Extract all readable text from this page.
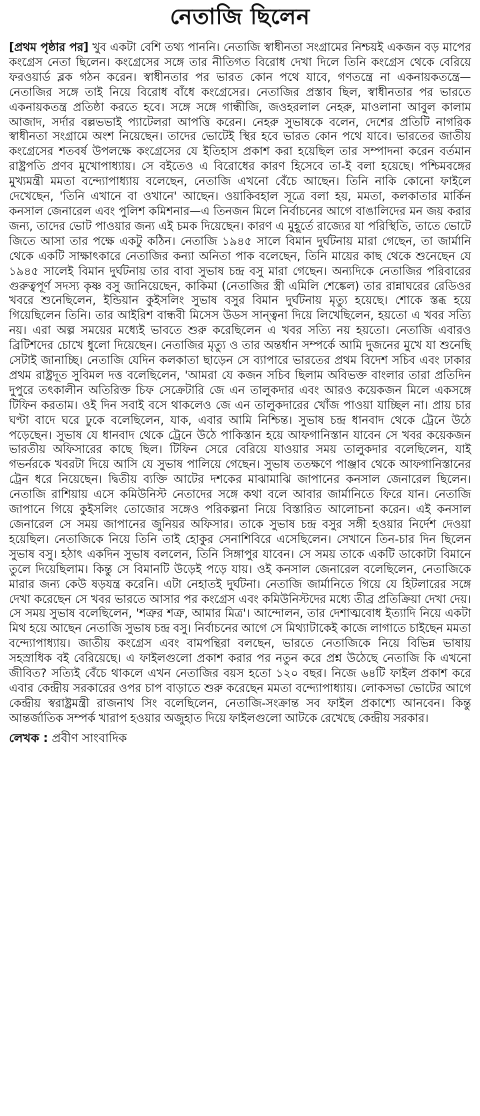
নেতাজি ছিলেন

[প্রথম পৃষ্ঠার পর] খুব একটা বেশি তথ্য পাননি। নেতাজি স্বাধীনতা সংগ্রামের নিশ্চয়ই একজন বড় মাপের কংগ্রেস নেতা ছিলেন। কংগ্রেসের সঙ্গে তার নীতিগত বিরোধ দেখা দিলে তিনি কংগ্রেস থেকে বেরিয়ে ফরওয়ার্ড ব্লক গঠন করেন। স্বাধীনতার পর ভারত কোন পথে যাবে, গণতন্ত্রে না একনায়কতন্ত্রে— নেতাজির সঙ্গে তাই নিয়ে বিরোধ বাঁধে কংগ্রেসের। নেতাজির প্রস্তাব ছিল, স্বাধীনতার পর ভারতে একনায়কতন্ত্র প্রতিষ্ঠা করতে হবে। সঙ্গে সঙ্গে গান্ধীজি, জওহরলাল নেহরু, মাওলানা আবুল কালাম আজাদ, সর্দার বল্লভভাই প্যাটেলরা আপত্তি করেন। নেহরু সুভাষকে বলেন, দেশের প্রতিটি নাগরিক স্বাধীনতা সংগ্রামে অংশ নিয়েছেন। তাদের ভোটেই স্থির হবে ভারত কোন পথে যাবে। ভারতের জাতীয় কংগ্রেসের শতবর্ষ উপলক্ষে কংগ্রেসের যে ইতিহাস প্রকাশ করা হয়েছিল তার সম্পাদনা করেন বর্তমান রাষ্ট্রপতি প্রণব মুখোপাধ্যায়। সে বইতেও এ বিরোধের কারণ হিসেবে তা-ই বলা হয়েছে। পশ্চিমবঙ্গের মুখ্যমন্ত্রী মমতা বন্দ্যোপাধ্যায় বলেছেন, নেতাজি এখনো বেঁচে আছেন। তিনি নাকি কোনো ফাইলে দেখেছেন, 'তিনি এখানে বা ওখানে' আছেন। ওয়াকিবহাল সূত্রে বলা হয়, মমতা, কলকাতার মার্কিন কনসাল জেনারেল এবং পুলিশ কমিশনার—এ তিনজন মিলে নির্বাচনের আগে বাঙালিদের মন জয় করার জন্য, তাদের ভোট পাওয়ার জন্য এই চমক দিয়েছেন। কারণ এ মুহূর্তে রাজ্যের যা পরিস্থিতি, তাতে ভোটে জিতে আসা তার পক্ষে একটু কঠিন। নেতাজি ১৯৪৫ সালে বিমান দুর্ঘটনায় মারা গেছেন, তা জার্মানি থেকে একটি সাক্ষাৎকারে নেতাজির কন্যা অনিতা পাক বলেছেন, তিনি মায়ের কাছ থেকে শুনেছেন যে ১৯৪৫ সালেই বিমান দুর্ঘটনায় তার বাবা সুভাষ চন্দ্র বসু মারা গেছেন। অন্যদিকে নেতাজির পরিবারের গুরুত্বপূর্ণ সদস্য কৃষ্ণ বসু জানিয়েছেন, কাকিমা (নেতাজির স্ত্রী এমিলি শেঙ্কেল) তার রান্নাঘরের রেডিওর খবরে শুনেছিলেন, ইন্ডিয়ান কুইসলিং সুভাষ বসুর বিমান দুর্ঘটনায় মৃত্যু হয়েছে। শোকে স্তব্ধ হয়ে গিয়েছিলেন তিনি। তার আইরিশ বান্ধবী মিসেস উডস সান্ত্বনা দিয়ে লিখেছিলেন, হয়তো এ খবর সত্যি নয়। এরা অল্প সময়ের মধ্যেই ভাবতে শুরু করেছিলেন এ খবর সত্যি নয় হয়তো। নেতাজি এবারও ব্রিটিশদের চোখে ধুলো দিয়েছেন। নেতাজির মৃত্যু ও তার অন্তর্ধান সম্পর্কে আমি দুজনের মুখে যা শুনেছি সেটাই জানাচ্ছি। নেতাজি যেদিন কলকাতা ছাড়েন সে ব্যাপারে ভারতের প্রথম বিদেশ সচিব এবং ঢাকার প্রথম রাষ্ট্রদূত সুবিমল দত্ত বলেছিলেন, 'আমরা যে কজন সচিব ছিলাম অবিভক্ত বাংলার তারা প্রতিদিন দুপুরে তৎকালীন অতিরিক্ত চিফ সেক্রেটারি জে এন তালুকদার এবং আরও কয়েকজন মিলে একসঙ্গে টিফিন করতাম। ওই দিন সবাই বসে থাকলেও জে এন তালুকদারের খোঁজ পাওয়া যাচ্ছিল না। প্রায় চার ঘণ্টা বাদে ঘরে ঢুকে বলেছিলেন, যাক, এবার আমি নিশ্চিন্ত। সুভাষ চন্দ্র ধানবাদ থেকে ট্রেনে উঠে পড়েছেন। সুভাষ যে ধানবাদ থেকে ট্রেনে উঠে পাকিস্তান হয়ে আফগানিস্তান যাবেন সে খবর কয়েকজন ভারতীয় অফিসারের কাছে ছিল। টিফিন সেরে বেরিয়ে যাওয়ার সময় তালুকদার বলেছিলেন, যাই গভর্নরকে খবরটা দিয়ে আসি যে সুভাষ পালিয়ে গেছেন। সুভাষ ততক্ষণে পাঞ্জাব থেকে আফগানিস্তানের ট্রেন ধরে নিয়েছেন। দ্বিতীয় ব্যক্তি আটের দশকের মাঝামাঝি জাপানের কনসাল জেনারেল ছিলেন। নেতাজি রাশিয়ায় এসে কমিউনিস্ট নেতাদের সঙ্গে কথা বলে আবার জার্মানিতে ফিরে যান। নেতাজি জাপানে গিয়ে কুইসলিং তোজোর সঙ্গেও পরিকল্পনা নিয়ে বিস্তারিত আলোচনা করেন। এই কনসাল জেনারেল সে সময় জাপানের জুনিয়র অফিসার। তাকে সুভাষ চন্দ্র বসুর সঙ্গী হওয়ার নির্দেশ দেওয়া হয়েছিল। নেতাজিকে নিয়ে তিনি তাই হোকুর সেনাশিবিরে এসেছিলেন। সেখানে তিন-চার দিন ছিলেন সুভাষ বসু। হঠাৎ একদিন সুভাষ বললেন, তিনি সিঙ্গাপুর যাবেন। সে সময় তাকে একটি ডাকোটা বিমানে তুলে দিয়েছিলাম। কিন্তু সে বিমানটি উড়েই পড়ে যায়। ওই কনসাল জেনারেল বলেছিলেন, নেতাজিকে মারার জন্য কেউ ষড়যন্ত্র করেনি। এটা নেহাতই দুর্ঘটনা। নেতাজি জার্মানিতে গিয়ে যে হিটলারের সঙ্গে দেখা করেছেন সে খবর ভারতে আসার পর কংগ্রেস এবং কমিউনিস্টদের মধ্যে তীব্র প্রতিক্রিয়া দেখা দেয়। সে সময় সুভাষ বলেছিলেন, 'শত্রুর শত্রু, আমার মিত্র'। আন্দোলন, তার দেশাত্মবোধ ইত্যাদি নিয়ে একটা মিথ হয়ে আছেন নেতাজি সুভাষ চন্দ্র বসু। নির্বাচনের আগে সে মিথ্যাটাকেই কাজে লাগাতে চাইছেন মমতা বন্দ্যোপাধ্যায়। জাতীয় কংগ্রেস এবং বামপন্থিরা বলছেন, ভারতে নেতাজিকে নিয়ে বিভিন্ন ভাষায় সহস্রাধিক বই বেরিয়েছে। এ ফাইলগুলো প্রকাশ করার পর নতুন করে প্রশ্ন উঠেছে নেতাজি কি এখনো জীবিত? সত্যিই বেঁচে থাকলে এখন নেতাজির বয়স হতো ১২০ বছর। নিজে ৬৪টি ফাইল প্রকাশ করে এবার কেন্দ্রীয় সরকারের ওপর চাপ বাড়াতে শুরু করেছেন মমতা বন্দ্যোপাধ্যায়। লোকসভা ভোটের আগে কেন্দ্রীয় স্বরাষ্ট্রমন্ত্রী রাজনাথ সিং বলেছিলেন, নেতাজি-সংক্রান্ত সব ফাইল প্রকাশ্যে আনবেন। কিন্তু আন্তর্জাতিক সম্পর্ক খারাপ হওয়ার অজুহাত দিয়ে ফাইলগুলো আটকে রেখেছে কেন্দ্রীয় সরকার।

লেখক : প্রবীণ সাংবাদিক
